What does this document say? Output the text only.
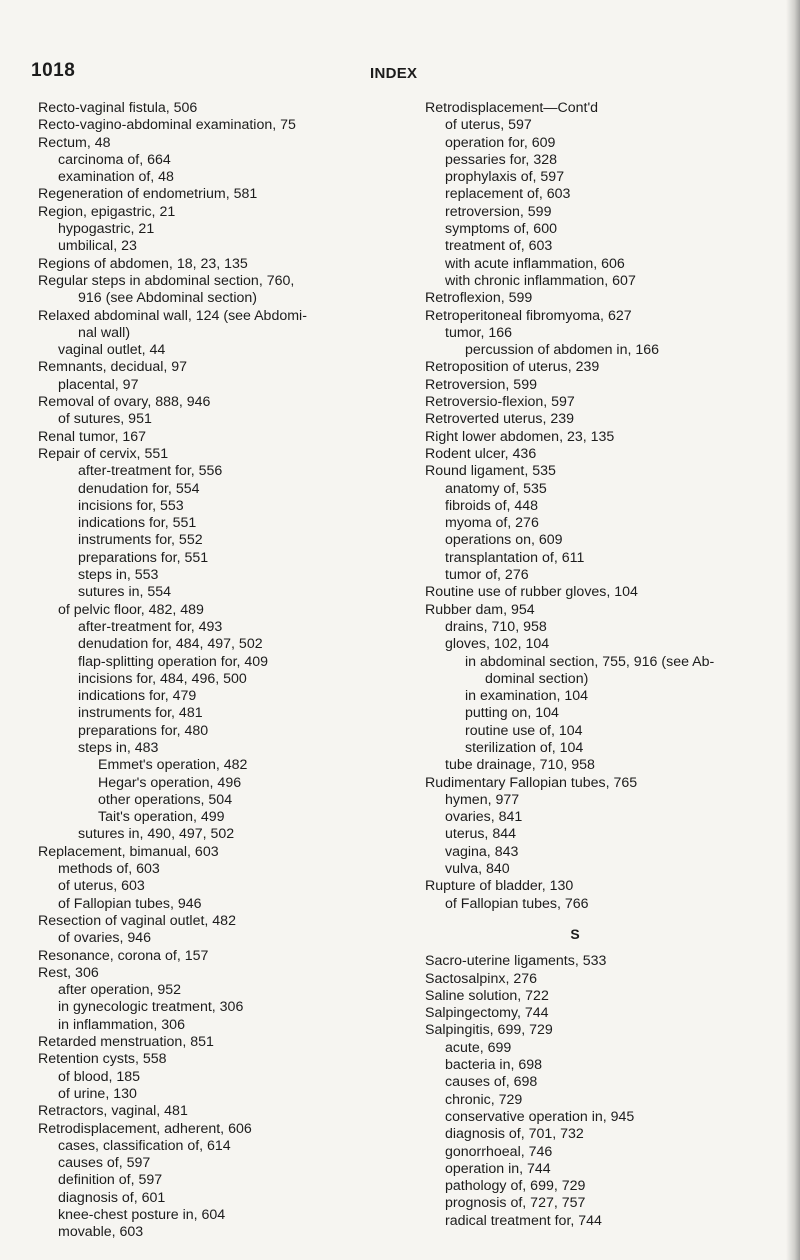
1018	INDEX
Recto-vaginal fistula, 506
Recto-vagino-abdominal examination, 75
Rectum, 48
carcinoma of, 664
examination of, 48
Regeneration of endometrium, 581
Region, epigastric, 21
hypogastric, 21
umbilical, 23
Regions of abdomen, 18, 23, 135
Regular steps in abdominal section, 760,
916 (see Abdominal section)
Relaxed abdominal wall, 124 (see Abdomi-
nal wall)
vaginal outlet, 44
Remnants, decidual, 97
placental, 97
Removal of ovary, 888, 946
of sutures, 951
Renal tumor, 167
Repair of cervix, 551
after-treatment for, 556
denudation for, 554
incisions for, 553
indications for, 551
instruments for, 552
preparations for, 551
steps in, 553
sutures in, 554
of pelvic floor, 482, 489
after-treatment for, 493
denudation for, 484, 497, 502
flap-splitting operation for, 409
incisions for, 484, 496, 500
indications for, 479
instruments for, 481
preparations for, 480
steps in, 483
Emmet's operation, 482
Hegar's operation, 496
other operations, 504
Tait's operation, 499
sutures in, 490, 497, 502
Replacement, bimanual, 603
methods of, 603
of uterus, 603
of Fallopian tubes, 946
Resection of vaginal outlet, 482
of ovaries, 946
Resonance, corona of, 157
Rest, 306
after operation, 952
in gynecologic treatment, 306
in inflammation, 306
Retarded menstruation, 851
Retention cysts, 558
of blood, 185
of urine, 130
Retractors, vaginal, 481
Retrodisplacement, adherent, 606
cases, classification of, 614
causes of, 597
definition of, 597
diagnosis of, 601
knee-chest posture in, 604
movable, 603
Retrodisplacement—Cont'd
of uterus, 597
operation for, 609
pessaries for, 328
prophylaxis of, 597
replacement of, 603
retroversion, 599
symptoms of, 600
treatment of, 603
with acute inflammation, 606
with chronic inflammation, 607
Retroflexion, 599
Retroperitoneal fibromyoma, 627
tumor, 166
percussion of abdomen in, 166
Retroposition of uterus, 239
Retroversion, 599
Retroversio-flexion, 597
Retroverted uterus, 239
Right lower abdomen, 23, 135
Rodent ulcer, 436
Round ligament, 535
anatomy of, 535
fibroids of, 448
myoma of, 276
operations on, 609
transplantation of, 611
tumor of, 276
Routine use of rubber gloves, 104
Rubber dam, 954
drains, 710, 958
gloves, 102, 104
in abdominal section, 755, 916 (see Ab-
dominal section)
in examination, 104
putting on, 104
routine use of, 104
sterilization of, 104
tube drainage, 710, 958
Rudimentary Fallopian tubes, 765
hymen, 977
ovaries, 841
uterus, 844
vagina, 843
vulva, 840
Rupture of bladder, 130
of Fallopian tubes, 766
S
Sacro-uterine ligaments, 533
Sactosalpinx, 276
Saline solution, 722
Salpingectomy, 744
Salpingitis, 699, 729
acute, 699
bacteria in, 698
causes of, 698
chronic, 729
conservative operation in, 945
diagnosis of, 701, 732
gonorrhoeal, 746
operation in, 744
pathology of, 699, 729
prognosis of, 727, 757
radical treatment for, 744
